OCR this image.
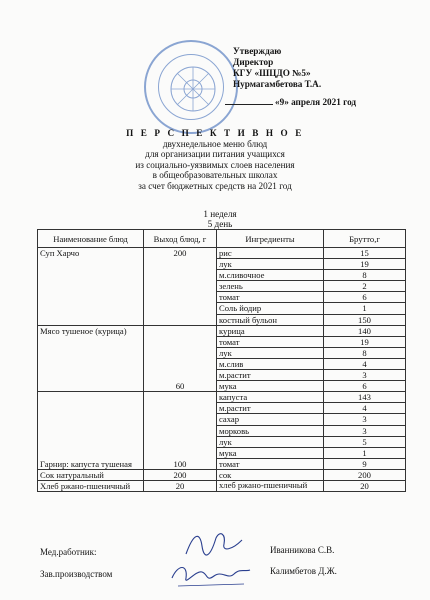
Утверждаю
Директор
КГУ «ШЦДО №5»
Нурмагамбетова Т.А.
«9» апреля 2021 год
П Е Р С П Е К Т И В Н О Е
двухнедельное меню блюд
для организации питания учащихся
из социально-уязвимых слоев населения
в общеобразовательных школах
за счет бюджетных средств на 2021 год
1 неделя
5 день
Наименование блюд	Выход блюд, г	Ингредиенты	Брутто,г
Суп Харчо	200	рис	15
		лук	19
		м.сливочное	8
		зелень	2
		томат	6
		Соль йодир	1
		костный бульон	150
Мясо тушеное (курица)	60	курица	140
		томат	19
		лук	8
		м.слив	4
		м.растит	3
		мука	6
Гарнир: капуста тушеная	100	капуста	143
		м.растит	4
		сахар	3
		морковь	3
		лук	5
		мука	1
		томат	9
Сок натуральный	200	сок	200
Хлеб ржано-пшеничный	20	хлеб ржано-пшеничный	20
Мед.работник:	Иванникова С.В.
Зав.производством	Калимбетов Д.Ж.
